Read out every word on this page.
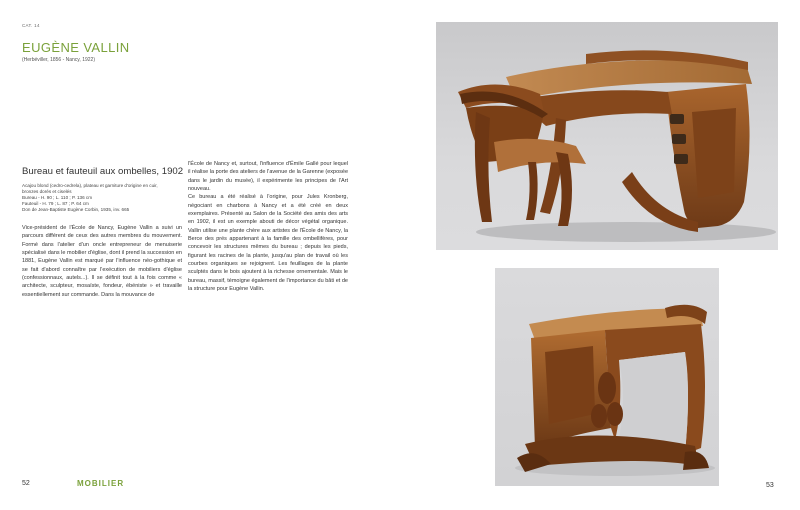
CAT. 14
EUGÈNE VALLIN
(Herbéviller, 1856 - Nancy, 1922)
Bureau et fauteuil aux ombelles, 1902
Acajou blond (cedro-cedrela), plateau et garniture d'origine en cuir,
bronzes dorés et ciselés
Bureau - H. 90 ; L. 110 ; P. 136 cm
Fauteuil - H. 79 ; L. 87 ; P. 64 cm
Don de Jean-Baptiste Eugène Corbin, 1935, inv. 665

Vice-président de l'École de Nancy, Eugène Vallin a suivi un parcours différent de ceux des autres membres du mouvement. Formé dans l'atelier d'un oncle entrepreneur de menuiserie spécialisé dans le mobilier d'église, dont il prend la succession en 1881, Eugène Vallin est marqué par l'influence néo-gothique et se fait d'abord connaître par l'exécution de mobiliers d'église (confessionnaux, autels...). Il se définit tout à la fois comme « architecte, sculpteur, mosaïste, fondeur, ébéniste » et travaille essentiellement sur commande. Dans la mouvance de

l'École de Nancy et, surtout, l'influence d'Émile Gallé pour lequel il réalise la porte des ateliers de l'avenue de la Garenne (exposée dans le jardin du musée), il expérimente les principes de l'Art nouveau.

Ce bureau a été réalisé à l'origine, pour Jules Kronberg, négociant en charbons à Nancy et a été créé en deux exemplaires. Présenté au Salon de la Société des amis des arts en 1902, il est un exemple abouti de décor végétal organique. Vallin utilise une plante chère aux artistes de l'École de Nancy, la Berce des prés appartenant à la famille des ombellifères, pour concevoir les structures mêmes du bureau ; depuis les pieds, figurant les racines de la plante, jusqu'au plan de travail où les courbes organiques se rejoignent. Les feuillages de la plante sculptés dans le bois ajoutent à la richesse ornementale. Mais le bureau, massif, témoigne également de l'importance du bâti et de la structure pour Eugène Vallin.

52	MOBILIER	53
